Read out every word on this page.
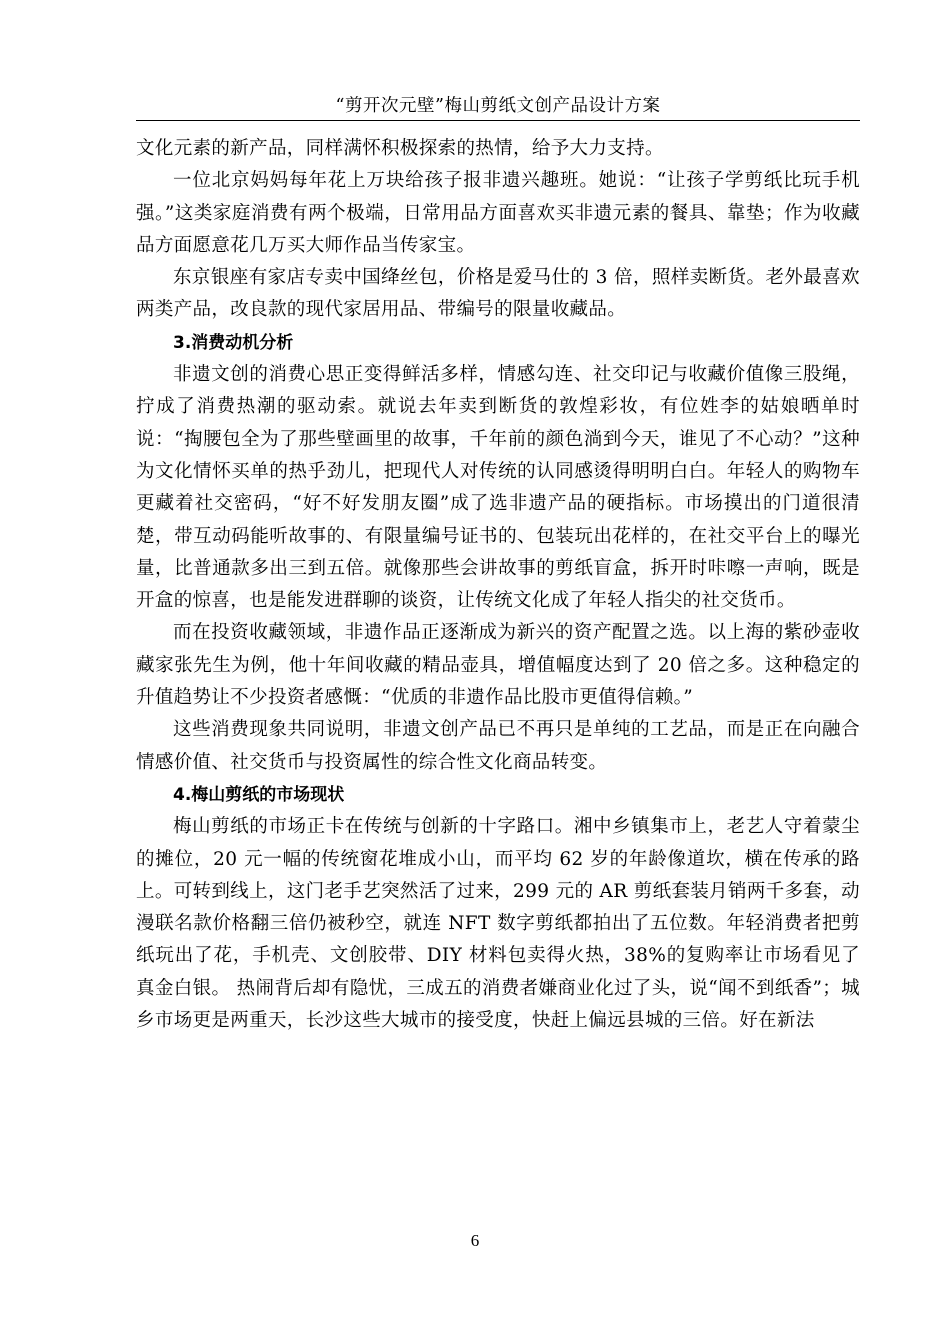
“剪开次元壁”梅山剪纸文创产品设计方案

文化元素的新产品，同样满怀积极探索的热情，给予大力支持。

一位北京妈妈每年花上万块给孩子报非遗兴趣班。她说：“让孩子学剪纸比玩手机强。”这类家庭消费有两个极端，日常用品方面喜欢买非遗元素的餐具、靠垫；作为收藏品方面愿意花几万买大师作品当传家宝。

东京银座有家店专卖中国绛丝包，价格是爱马仕的 3 倍，照样卖断货。老外最喜欢两类产品，改良款的现代家居用品、带编号的限量收藏品。

3.消费动机分析

非遗文创的消费心思正变得鲜活多样，情感勾连、社交印记与收藏价值像三股绳，拧成了消费热潮的驱动索。就说去年卖到断货的敦煌彩妆，有位姓李的姑娘晒单时说：“掏腰包全为了那些壁画里的故事，千年前的颜色淌到今天，谁见了不心动？”这种为文化情怀买单的热乎劲儿，把现代人对传统的认同感烫得明明白白。年轻人的购物车更藏着社交密码，“好不好发朋友圈”成了选非遗产品的硬指标。市场摸出的门道很清楚，带互动码能听故事的、有限量编号证书的、包装玩出花样的，在社交平台上的曝光量，比普通款多出三到五倍。就像那些会讲故事的剪纸盲盒，拆开时咔嚓一声响，既是开盒的惊喜，也是能发进群聊的谈资，让传统文化成了年轻人指尖的社交货币。

而在投资收藏领域，非遗作品正逐渐成为新兴的资产配置之选。以上海的紫砂壶收藏家张先生为例，他十年间收藏的精品壶具，增值幅度达到了 20 倍之多。这种稳定的升值趋势让不少投资者感慨：“优质的非遗作品比股市更值得信赖。”

这些消费现象共同说明，非遗文创产品已不再只是单纯的工艺品，而是正在向融合情感价值、社交货币与投资属性的综合性文化商品转变。

4.梅山剪纸的市场现状

梅山剪纸的市场正卡在传统与创新的十字路口。湘中乡镇集市上，老艺人守着蒙尘的摊位，20 元一幅的传统窗花堆成小山，而平均 62 岁的年龄像道坎，横在传承的路上。可转到线上，这门老手艺突然活了过来，299 元的 AR 剪纸套装月销两千多套，动漫联名款价格翻三倍仍被秒空，就连 NFT 数字剪纸都拍出了五位数。年轻消费者把剪纸玩出了花，手机壳、文创胶带、DIY 材料包卖得火热，38%的复购率让市场看见了真金白银。 热闹背后却有隐忧，三成五的消费者嫌商业化过了头，说“闻不到纸香”；城乡市场更是两重天，长沙这些大城市的接受度，快赶上偏远县城的三倍。好在新法

6
